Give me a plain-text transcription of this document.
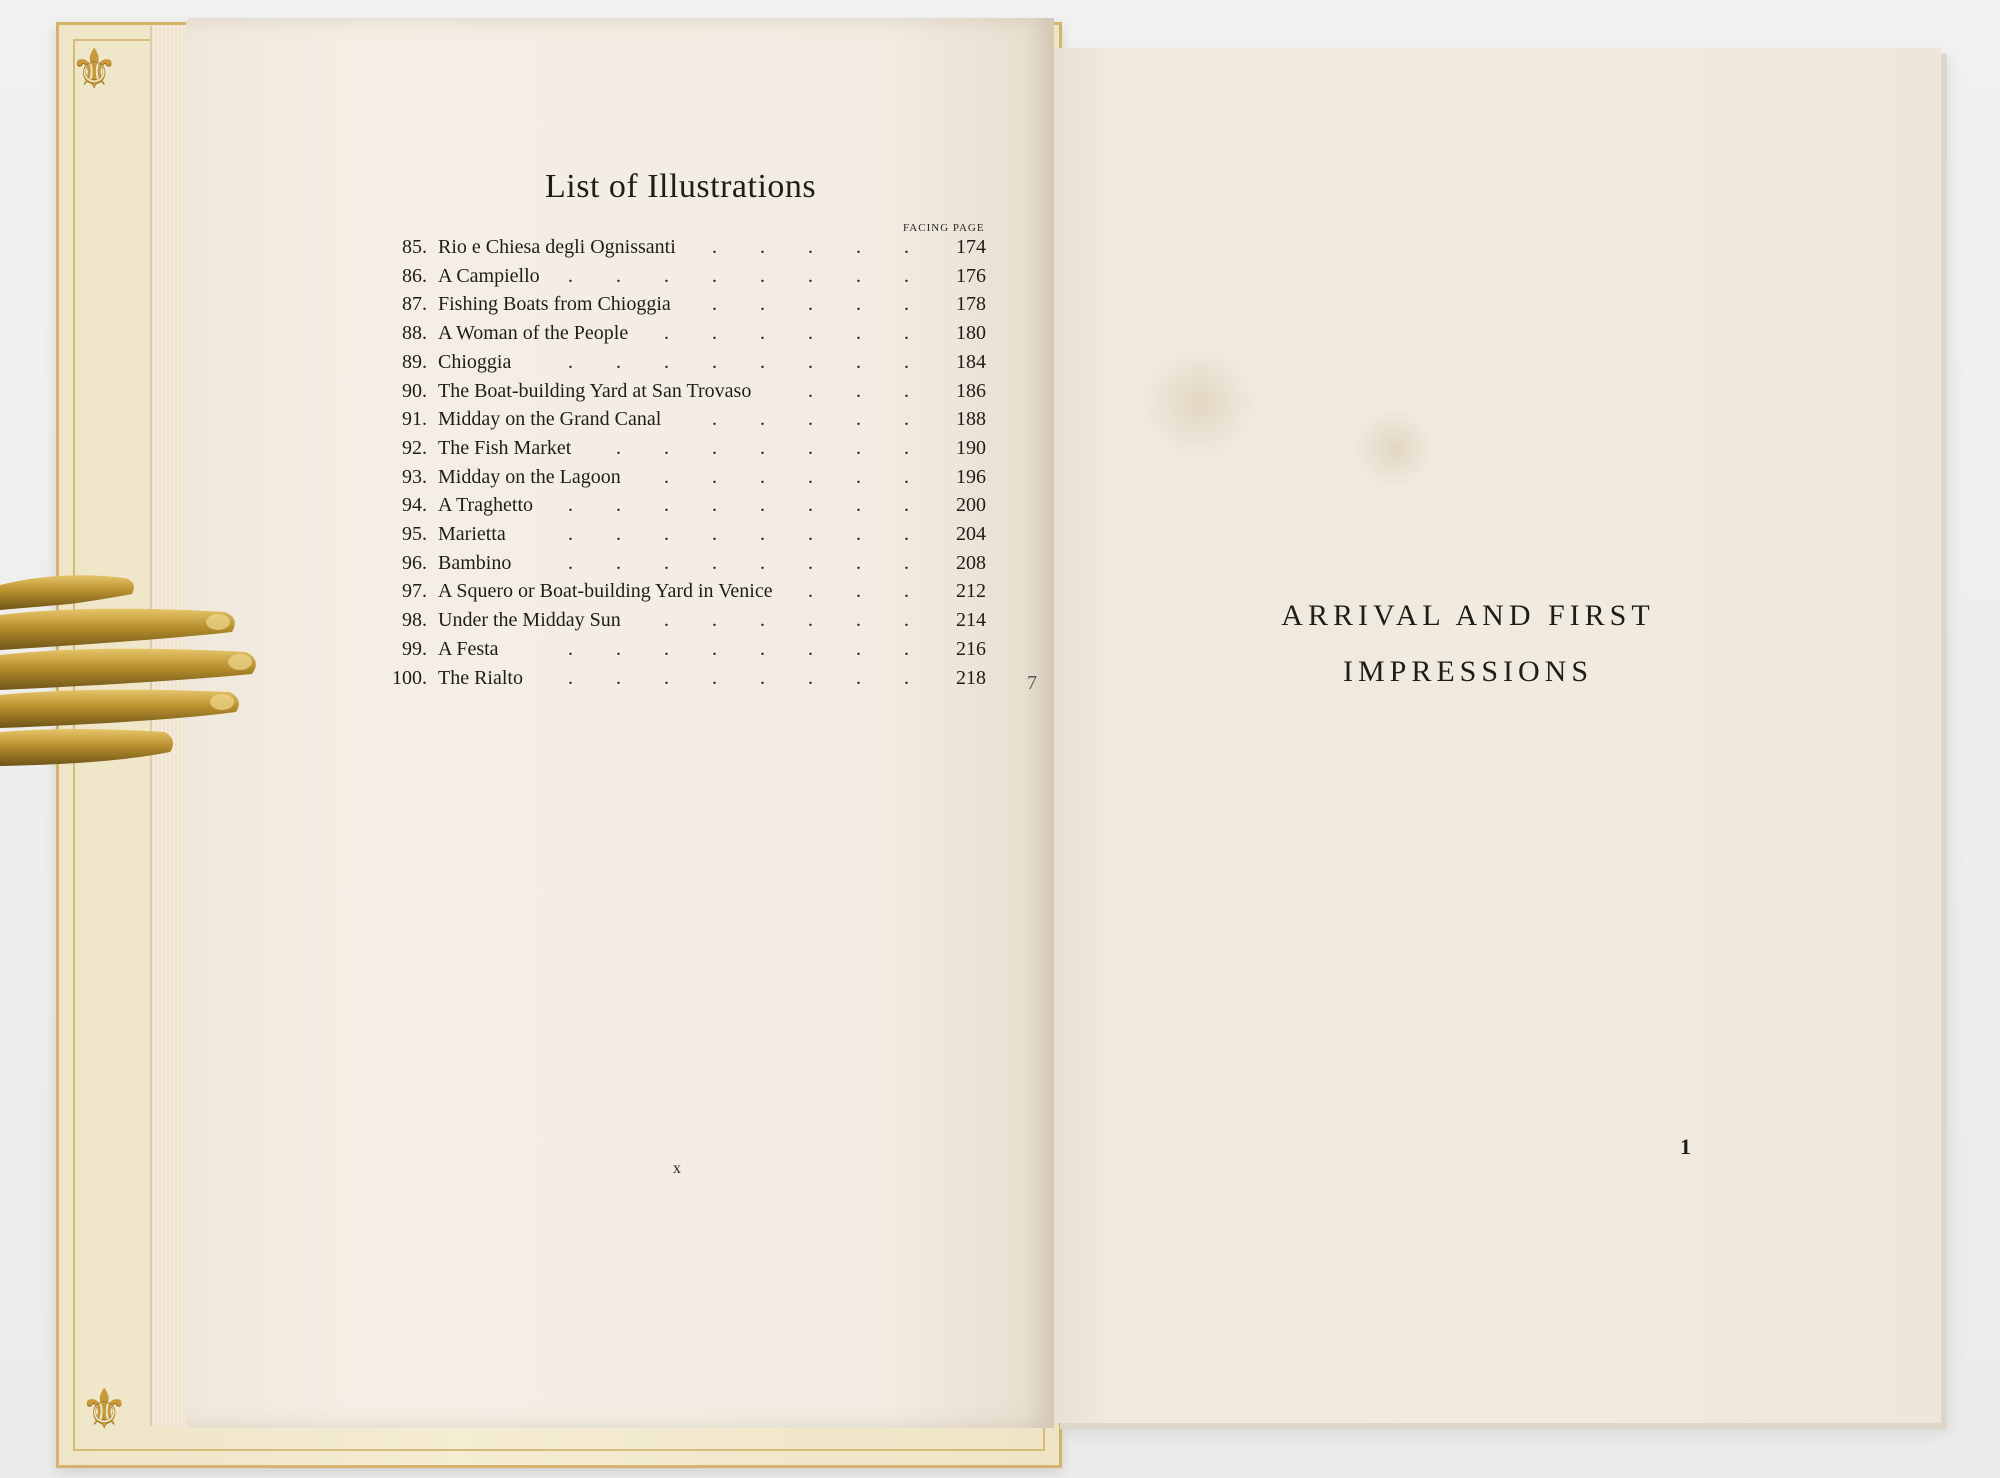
⚜
⚜
List of Illustrations
FACING PAGE
85. Rio e Chiesa degli Ognissanti	174
. . . . .
86. A Campiello	176
. . . . . . . .
87. Fishing Boats from Chioggia	178
. . . . .
88. A Woman of the People	180
. . . . . .
89. Chioggia	184
. . . . . . . .
90. The Boat-building Yard at San Trovaso	186
. . .
91. Midday on the Grand Canal	188
. . . . .
92. The Fish Market	190
. . . . . . .
93. Midday on the Lagoon	196
. . . . . .
94. A Traghetto	200
. . . . . . . .
95. Marietta	204
. . . . . . . .
96. Bambino	208
. . . . . . . .
97. A Squero or Boat-building Yard in Venice	212
. . .
98. Under the Midday Sun	214
. . . . . .
99. A Festa	216
. . . . . . . .
100. The Rialto	218
. . . . . . . .
x
7
ARRIVAL AND FIRST
IMPRESSIONS
1
